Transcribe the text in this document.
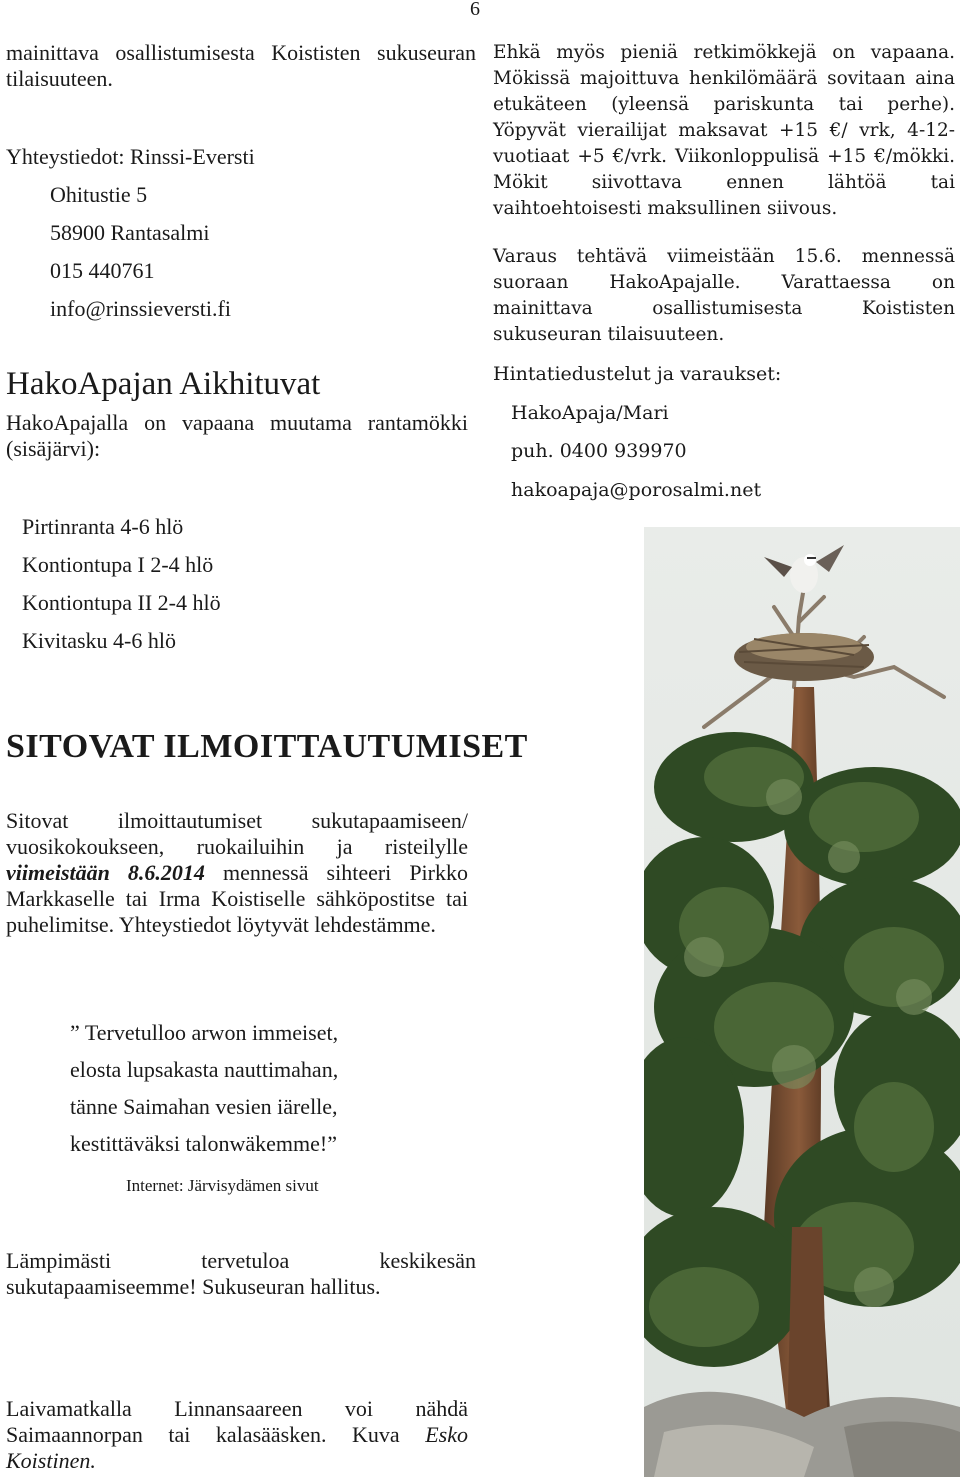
6
mainittava osallistumisesta Koististen sukuseuran tilaisuuteen.
Yhteystiedot: Rinssi-Eversti
Ohitustie 5
58900 Rantasalmi
015 440761
info@rinssieversti.fi
HakoApajan Aikhituvat
HakoApajalla on vapaana muutama rantamökki (sisäjärvi):
Pirtinranta 4-6 hlö
Kontiontupa I 2-4 hlö
Kontiontupa II 2-4 hlö
Kivitasku 4-6 hlö
SITOVAT ILMOITTAUTUMISET

Sitovat ilmoittautumiset sukutapaamiseen/ vuosikokoukseen, ruokailuihin ja risteilylle viimeistään 8.6.2014 mennessä sihteeri Pirkko Markkaselle tai Irma Koistiselle sähköpostitse tai puhelimitse. Yhteystiedot löytyvät lehdestämme.

” Tervetulloo arwon immeiset,
elosta lupsakasta nauttimahan,
tänne Saimahan vesien iärelle,
kestittäväksi talonwäkemme!”
Internet: Järvisydämen sivut
Lämpimästi tervetuloa keskikesän sukutapaamiseemme! Sukuseuran hallitus.

Laivamatkalla Linnansaareen voi nähdä Saimaannorpan tai kalasääsken. Kuva Esko Koistinen.

Ehkä myös pieniä retkimökkejä on vapaana. Mökissä majoittuva henkilömäärä sovitaan aina etukäteen (yleensä pariskunta tai perhe). Yöpyvät vierailijat maksavat +15 €/ vrk, 4-12-vuotiaat +5 €/vrk. Viikonloppulisä +15 €/mökki. Mökit siivottava ennen lähtöä tai vaihtoehtoisesti maksullinen siivous.
Varaus tehtävä viimeistään 15.6. mennessä suoraan HakoApajalle. Varattaessa on mainittava osallistumisesta Koististen sukuseuran tilaisuuteen.
Hintatiedustelut ja varaukset:
HakoApaja/Mari
puh. 0400 939970
hakoapaja@porosalmi.net
